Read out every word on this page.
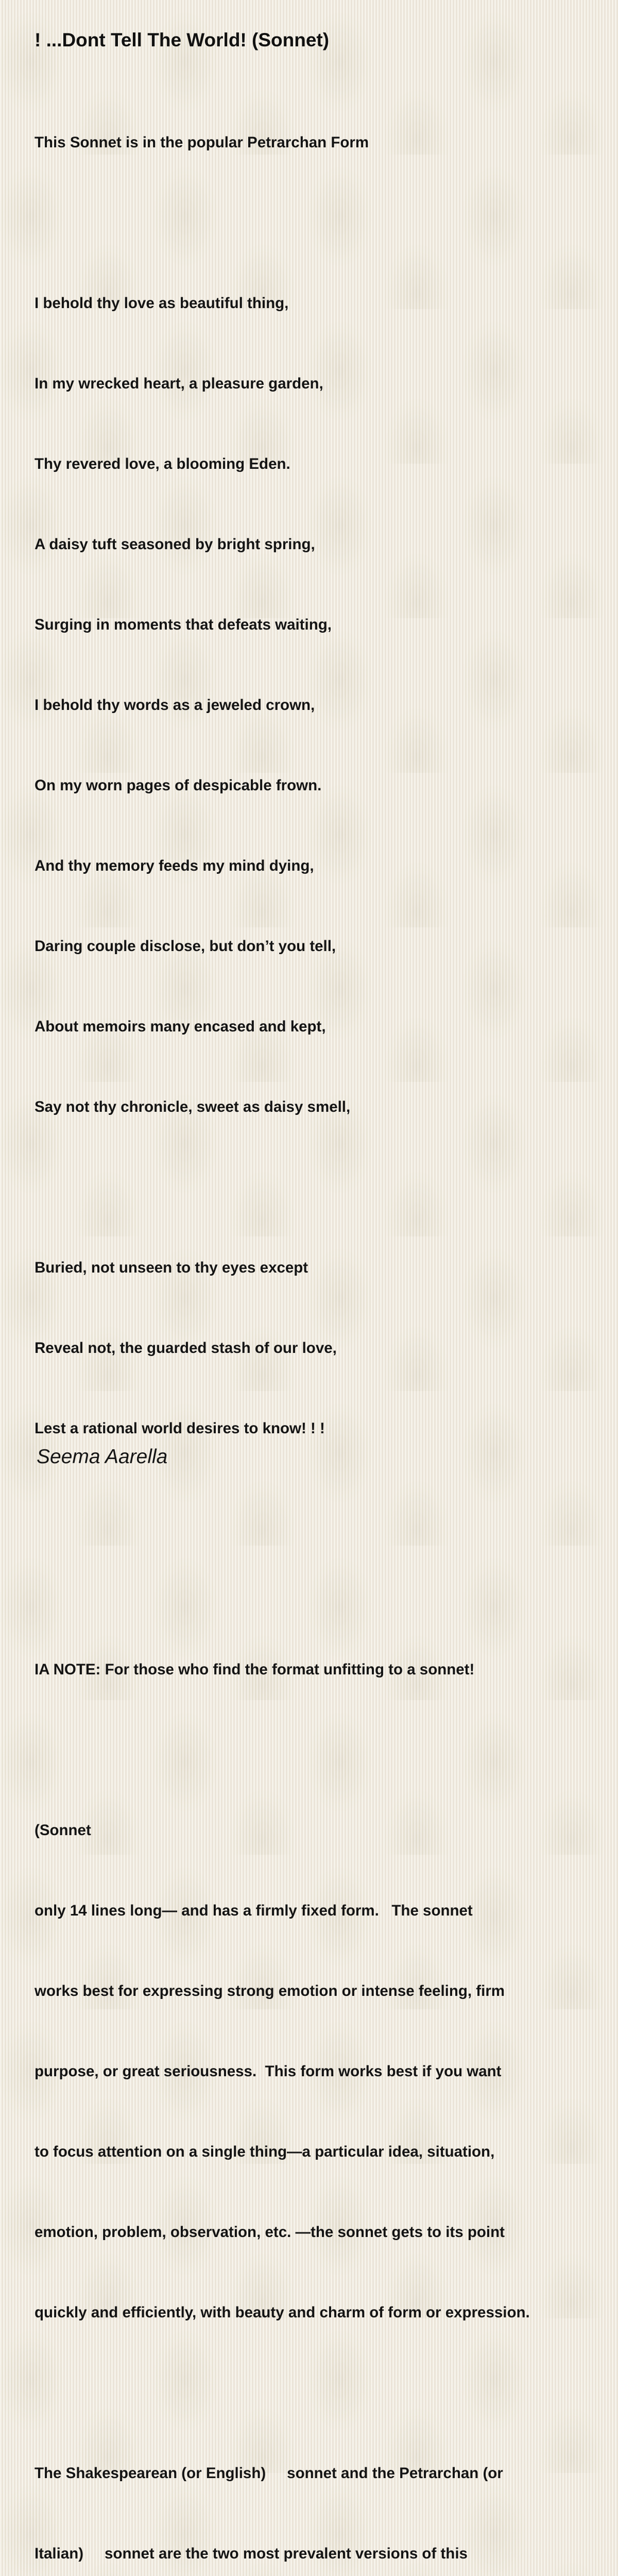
! ...Dont Tell The World! (Sonnet)

This Sonnet is in the popular Petrarchan Form

I behold thy love as beautiful thing,

In my wrecked heart, a pleasure garden,

Thy revered love, a blooming Eden.

A daisy tuft seasoned by bright spring,

Surging in moments that defeats waiting,

I behold thy words as a jeweled crown,

On my worn pages of despicable frown.

And thy memory feeds my mind dying,

Daring couple disclose, but don’t you tell,

About memoirs many encased and kept,

Say not thy chronicle, sweet as daisy smell,

Buried, not unseen to thy eyes except

Reveal not, the guarded stash of our love,

Lest a rational world desires to know! ! !

IA NOTE: For those who find the format unfitting to a sonnet!

(Sonnet

only 14 lines long— and has a firmly fixed form.   The sonnet

works best for expressing strong emotion or intense feeling, firm

purpose, or great seriousness.  This form works best if you want

to focus attention on a single thing—a particular idea, situation,

emotion, problem, observation, etc. —the sonnet gets to its point

quickly and efficiently, with beauty and charm of form or expression.

The Shakespearean (or English)     sonnet and the Petrarchan (or

Italian)     sonnet are the two most prevalent versions of this

Seema Aarella
